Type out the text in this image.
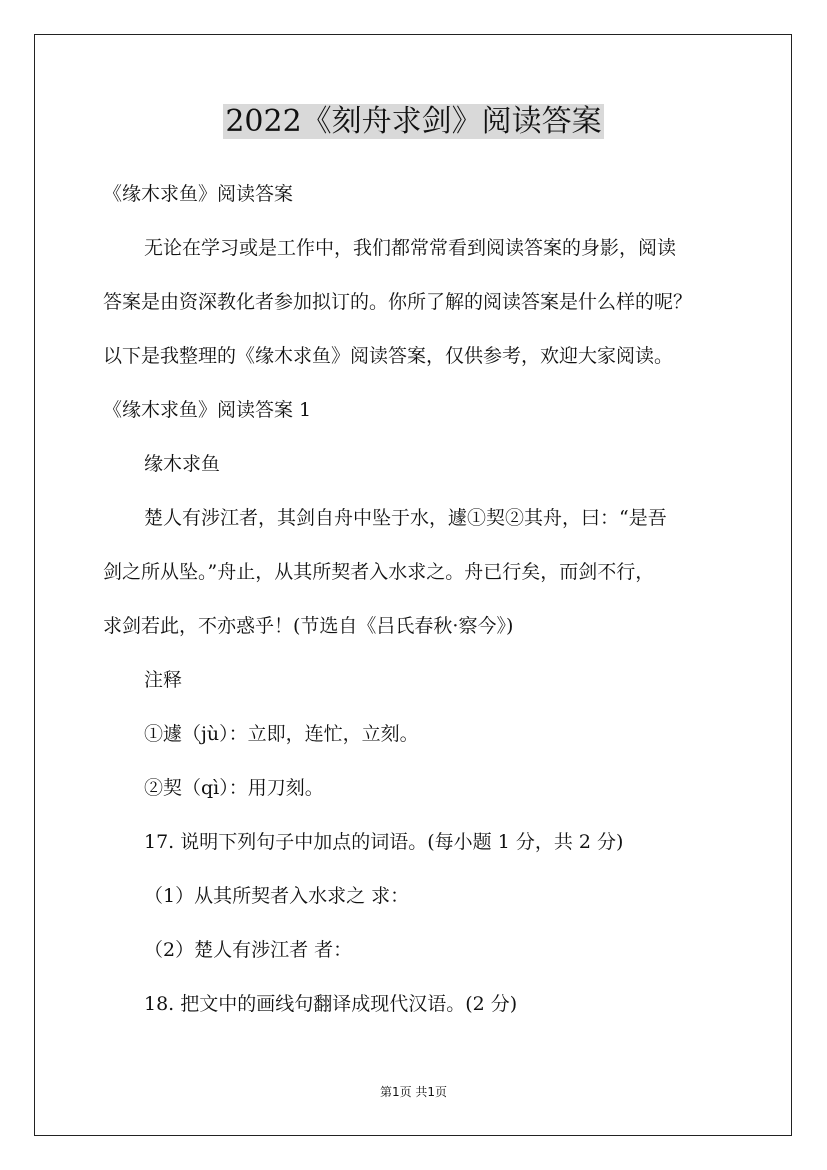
2022《刻舟求剑》阅读答案

《缘木求鱼》阅读答案

无论在学习或是工作中，我们都常常看到阅读答案的身影，阅读

答案是由资深教化者参加拟订的。你所了解的阅读答案是什么样的呢？

以下是我整理的《缘木求鱼》阅读答案，仅供参考，欢迎大家阅读。

《缘木求鱼》阅读答案 1

缘木求鱼

楚人有涉江者，其剑自舟中坠于水，遽①契②其舟，曰：“是吾

剑之所从坠。”舟止，从其所契者入水求之。舟已行矣，而剑不行，

求剑若此，不亦惑乎！(节选自《吕氏春秋·察今》)

注释

①遽（jù）：立即，连忙，立刻。

②契（qì）：用刀刻。

17. 说明下列句子中加点的词语。(每小题 1 分，共 2 分)

（1）从其所契者入水求之 求：

（2）楚人有涉江者 者：

18. 把文中的画线句翻译成现代汉语。(2 分)

第1页 共1页
